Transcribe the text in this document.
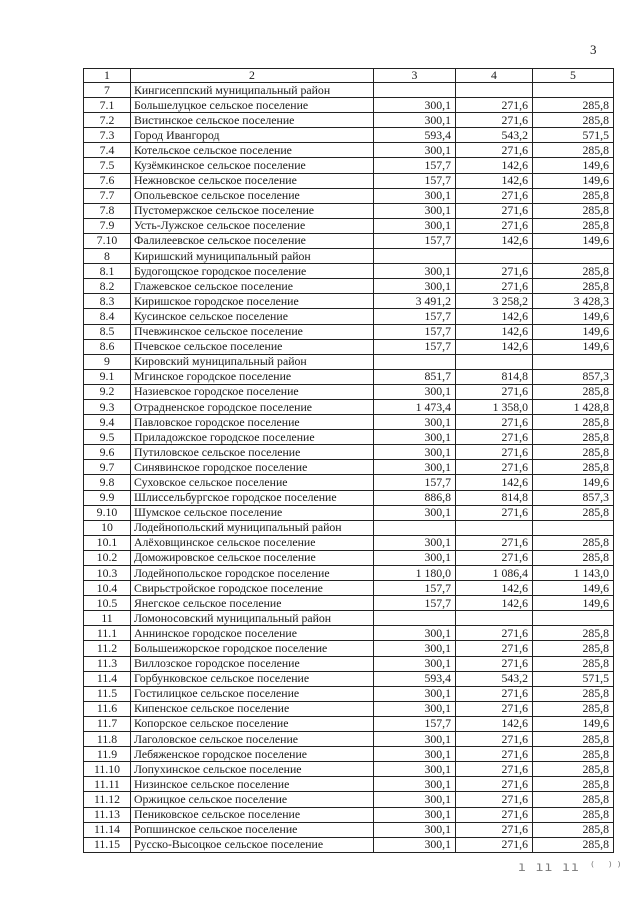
3
1	2	3	4	5
7	Кингисеппский муниципальный район			
7.1	Большелуцкое сельское поселение	300,1	271,6	285,8
7.2	Вистинское сельское поселение	300,1	271,6	285,8
7.3	Город Ивангород	593,4	543,2	571,5
7.4	Котельское сельское поселение	300,1	271,6	285,8
7.5	Кузёмкинское сельское поселение	157,7	142,6	149,6
7.6	Нежновское сельское поселение	157,7	142,6	149,6
7.7	Опольевское сельское поселение	300,1	271,6	285,8
7.8	Пустомержское сельское поселение	300,1	271,6	285,8
7.9	Усть-Лужское сельское поселение	300,1	271,6	285,8
7.10	Фалилеевское сельское поселение	157,7	142,6	149,6
8	Киришский муниципальный район			
8.1	Будогощское городское поселение	300,1	271,6	285,8
8.2	Глажевское сельское поселение	300,1	271,6	285,8
8.3	Киришское городское поселение	3 491,2	3 258,2	3 428,3
8.4	Кусинское сельское поселение	157,7	142,6	149,6
8.5	Пчевжинское сельское поселение	157,7	142,6	149,6
8.6	Пчевское сельское поселение	157,7	142,6	149,6
9	Кировский муниципальный район			
9.1	Мгинское городское поселение	851,7	814,8	857,3
9.2	Назиевское городское поселение	300,1	271,6	285,8
9.3	Отрадненское городское поселение	1 473,4	1 358,0	1 428,8
9.4	Павловское городское поселение	300,1	271,6	285,8
9.5	Приладожское городское поселение	300,1	271,6	285,8
9.6	Путиловское сельское поселение	300,1	271,6	285,8
9.7	Синявинское городское поселение	300,1	271,6	285,8
9.8	Суховское сельское поселение	157,7	142,6	149,6
9.9	Шлиссельбургское городское поселение	886,8	814,8	857,3
9.10	Шумское сельское поселение	300,1	271,6	285,8
10	Лодейнопольский муниципальный район			
10.1	Алёховщинское сельское поселение	300,1	271,6	285,8
10.2	Доможировское сельское поселение	300,1	271,6	285,8
10.3	Лодейнопольское городское поселение	1 180,0	1 086,4	1 143,0
10.4	Свирьстройское городское поселение	157,7	142,6	149,6
10.5	Янегское сельское поселение	157,7	142,6	149,6
11	Ломоносовский муниципальный район			
11.1	Аннинское городское поселение	300,1	271,6	285,8
11.2	Большеижорское городское поселение	300,1	271,6	285,8
11.3	Виллозское городское поселение	300,1	271,6	285,8
11.4	Горбунковское сельское поселение	593,4	543,2	571,5
11.5	Гостилицкое сельское поселение	300,1	271,6	285,8
11.6	Кипенское сельское поселение	300,1	271,6	285,8
11.7	Копорское сельское поселение	157,7	142,6	149,6
11.8	Лаголовское сельское поселение	300,1	271,6	285,8
11.9	Лебяженское городское поселение	300,1	271,6	285,8
11.10	Лопухинское сельское поселение	300,1	271,6	285,8
11.11	Низинское сельское поселение	300,1	271,6	285,8
11.12	Оржицкое сельское поселение	300,1	271,6	285,8
11.13	Пениковское сельское поселение	300,1	271,6	285,8
11.14	Ропшинское сельское поселение	300,1	271,6	285,8
11.15	Русско-Высоцкое сельское поселение	300,1	271,6	285,8
ı ıı ıı ⁽ ⁾⁾
